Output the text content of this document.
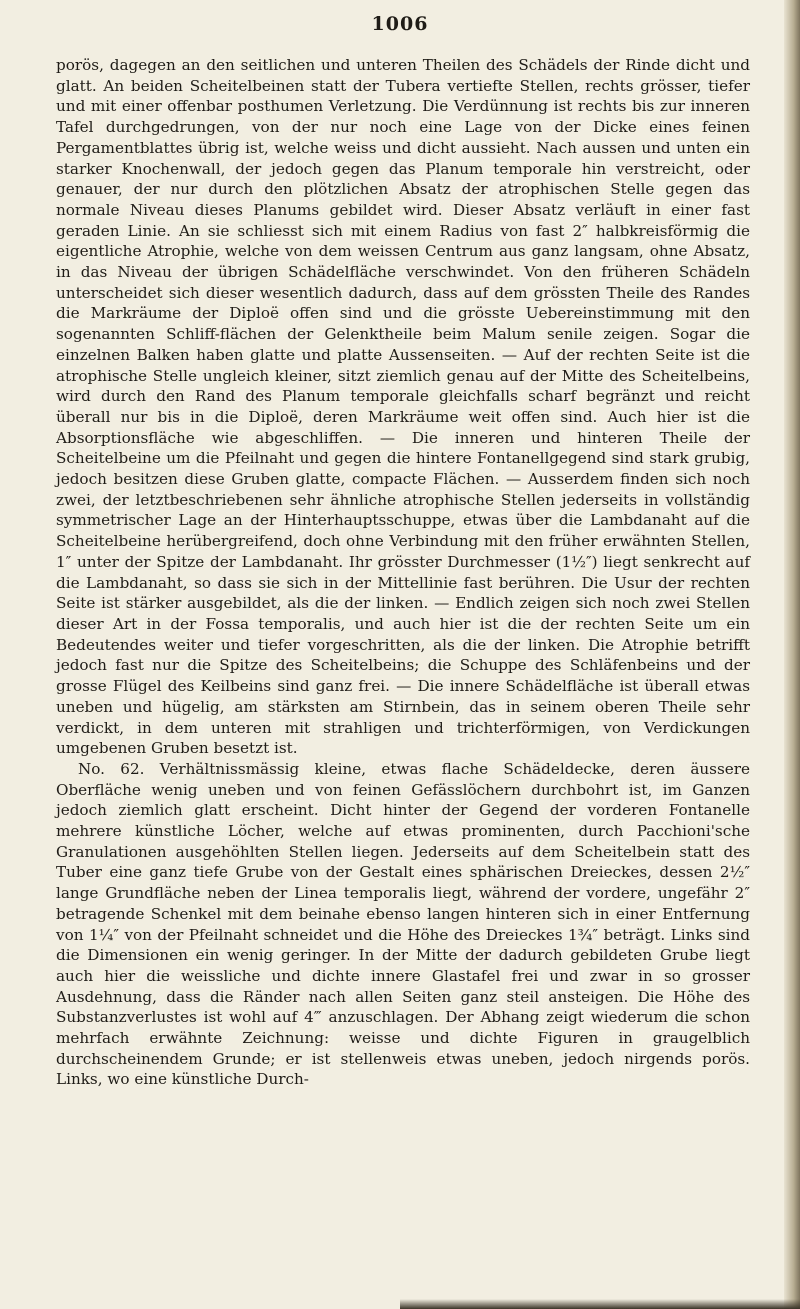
1006

porös, dagegen an den seitlichen und unteren Theilen des Schädels der Rinde dicht und glatt. An beiden Scheitelbeinen statt der Tubera vertiefte Stellen, rechts grösser, tiefer und mit einer offenbar posthumen Verletzung. Die Verdünnung ist rechts bis zur inneren Tafel durchgedrungen, von der nur noch eine Lage von der Dicke eines feinen Pergamentblattes übrig ist, welche weiss und dicht aussieht. Nach aussen und unten ein starker Knochenwall, der jedoch gegen das Planum temporale hin verstreicht, oder genauer, der nur durch den plötzlichen Absatz der atrophischen Stelle gegen das normale Niveau dieses Planums gebildet wird. Dieser Absatz verläuft in einer fast geraden Linie. An sie schliesst sich mit einem Radius von fast 2″ halbkreisförmig die eigentliche Atrophie, welche von dem weissen Centrum aus ganz langsam, ohne Absatz, in das Niveau der übrigen Schädelfläche verschwindet. Von den früheren Schädeln unterscheidet sich dieser wesentlich dadurch, dass auf dem grössten Theile des Randes die Markräume der Diploë offen sind und die grösste Uebereinstimmung mit den sogenannten Schliff-flächen der Gelenktheile beim Malum senile zeigen. Sogar die einzelnen Balken haben glatte und platte Aussenseiten. — Auf der rechten Seite ist die atrophische Stelle ungleich kleiner, sitzt ziemlich genau auf der Mitte des Scheitelbeins, wird durch den Rand des Planum temporale gleichfalls scharf begränzt und reicht überall nur bis in die Diploë, deren Markräume weit offen sind. Auch hier ist die Absorptionsfläche wie abgeschliffen. — Die inneren und hinteren Theile der Scheitelbeine um die Pfeilnaht und gegen die hintere Fontanellgegend sind stark grubig, jedoch besitzen diese Gruben glatte, compacte Flächen. — Ausserdem finden sich noch zwei, der letztbeschriebenen sehr ähnliche atrophische Stellen jederseits in vollständig symmetrischer Lage an der Hinterhauptsschuppe, etwas über die Lambdanaht auf die Scheitelbeine herübergreifend, doch ohne Verbindung mit den früher erwähnten Stellen, 1″ unter der Spitze der Lambdanaht. Ihr grösster Durchmesser (1½″) liegt senkrecht auf die Lambdanaht, so dass sie sich in der Mittellinie fast berühren. Die Usur der rechten Seite ist stärker ausgebildet, als die der linken. — Endlich zeigen sich noch zwei Stellen dieser Art in der Fossa temporalis, und auch hier ist die der rechten Seite um ein Bedeutendes weiter und tiefer vorgeschritten, als die der linken. Die Atrophie betrifft jedoch fast nur die Spitze des Scheitelbeins; die Schuppe des Schläfenbeins und der grosse Flügel des Keilbeins sind ganz frei. — Die innere Schädelfläche ist überall etwas uneben und hügelig, am stärksten am Stirnbein, das in seinem oberen Theile sehr verdickt, in dem unteren mit strahligen und trichterförmigen, von Verdickungen umgebenen Gruben besetzt ist.

No. 62. Verhältnissmässig kleine, etwas flache Schädeldecke, deren äussere Oberfläche wenig uneben und von feinen Gefässlöchern durchbohrt ist, im Ganzen jedoch ziemlich glatt erscheint. Dicht hinter der Gegend der vorderen Fontanelle mehrere künstliche Löcher, welche auf etwas prominenten, durch Pacchioni'sche Granulationen ausgehöhlten Stellen liegen. Jederseits auf dem Scheitelbein statt des Tuber eine ganz tiefe Grube von der Gestalt eines sphärischen Dreieckes, dessen 2½″ lange Grundfläche neben der Linea temporalis liegt, während der vordere, ungefähr 2″ betragende Schenkel mit dem beinahe ebenso langen hinteren sich in einer Entfernung von 1¼″ von der Pfeilnaht schneidet und die Höhe des Dreieckes 1¾″ beträgt. Links sind die Dimensionen ein wenig geringer. In der Mitte der dadurch gebildeten Grube liegt auch hier die weissliche und dichte innere Glastafel frei und zwar in so grosser Ausdehnung, dass die Ränder nach allen Seiten ganz steil ansteigen. Die Höhe des Substanzverlustes ist wohl auf 4‴ anzuschlagen. Der Abhang zeigt wiederum die schon mehrfach erwähnte Zeichnung: weisse und dichte Figuren in graugelblich durchscheinendem Grunde; er ist stellenweis etwas uneben, jedoch nirgends porös. Links, wo eine künstliche Durch-
